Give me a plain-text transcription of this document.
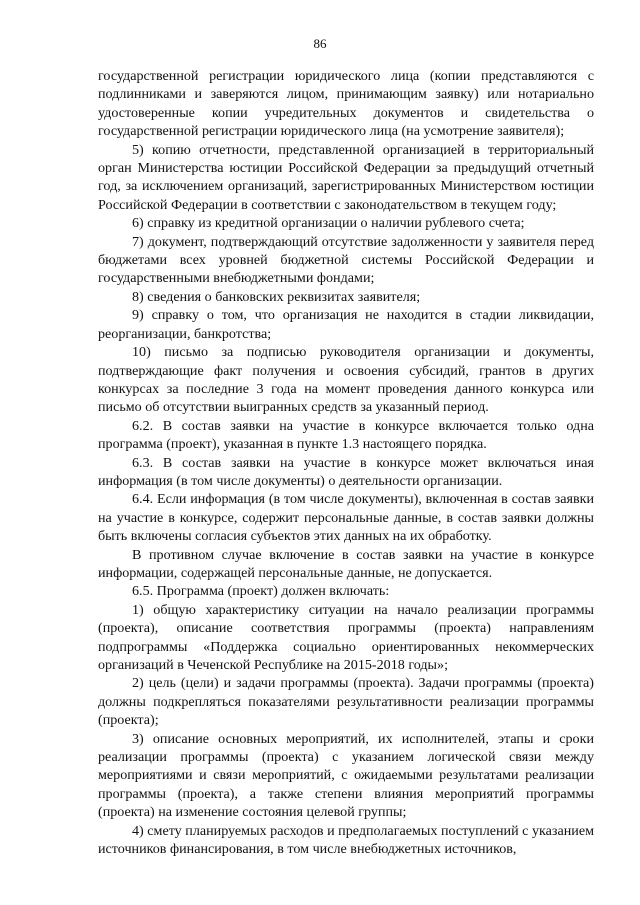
86

государственной регистрации юридического лица (копии представляются с подлинниками и заверяются лицом, принимающим заявку) или нотариально удостоверенные копии учредительных документов и свидетельства о государственной регистрации юридического лица (на усмотрение заявителя);

5) копию отчетности, представленной организацией в территориальный орган Министерства юстиции Российской Федерации за предыдущий отчетный год, за исключением организаций, зарегистрированных Министерством юстиции Российской Федерации в соответствии с законодательством в текущем году;

6) справку из кредитной организации о наличии рублевого счета;

7) документ, подтверждающий отсутствие задолженности у заявителя перед бюджетами всех уровней бюджетной системы Российской Федерации и государственными внебюджетными фондами;

8) сведения о банковских реквизитах заявителя;

9) справку о том, что организация не находится в стадии ликвидации, реорганизации, банкротства;

10) письмо за подписью руководителя организации и документы, подтверждающие факт получения и освоения субсидий, грантов в других конкурсах за последние 3 года на момент проведения данного конкурса или письмо об отсутствии выигранных средств за указанный период.

6.2. В состав заявки на участие в конкурсе включается только одна программа (проект), указанная в пункте 1.3 настоящего порядка.

6.3. В состав заявки на участие в конкурсе может включаться иная информация (в том числе документы) о деятельности организации.

6.4. Если информация (в том числе документы), включенная в состав заявки на участие в конкурсе, содержит персональные данные, в состав заявки должны быть включены согласия субъектов этих данных на их обработку.

В противном случае включение в состав заявки на участие в конкурсе информации, содержащей персональные данные, не допускается.

6.5. Программа (проект) должен включать:

1) общую характеристику ситуации на начало реализации программы (проекта), описание соответствия программы (проекта) направлениям подпрограммы «Поддержка социально ориентированных некоммерческих организаций в Чеченской Республике на 2015-2018 годы»;

2) цель (цели) и задачи программы (проекта). Задачи программы (проекта) должны подкрепляться показателями результативности реализации программы (проекта);

3) описание основных мероприятий, их исполнителей, этапы и сроки реализации программы (проекта) с указанием логической связи между мероприятиями и связи мероприятий, с ожидаемыми результатами реализации программы (проекта), а также степени влияния мероприятий программы (проекта) на изменение состояния целевой группы;

4) смету планируемых расходов и предполагаемых поступлений с указанием источников финансирования, в том числе внебюджетных источников,
